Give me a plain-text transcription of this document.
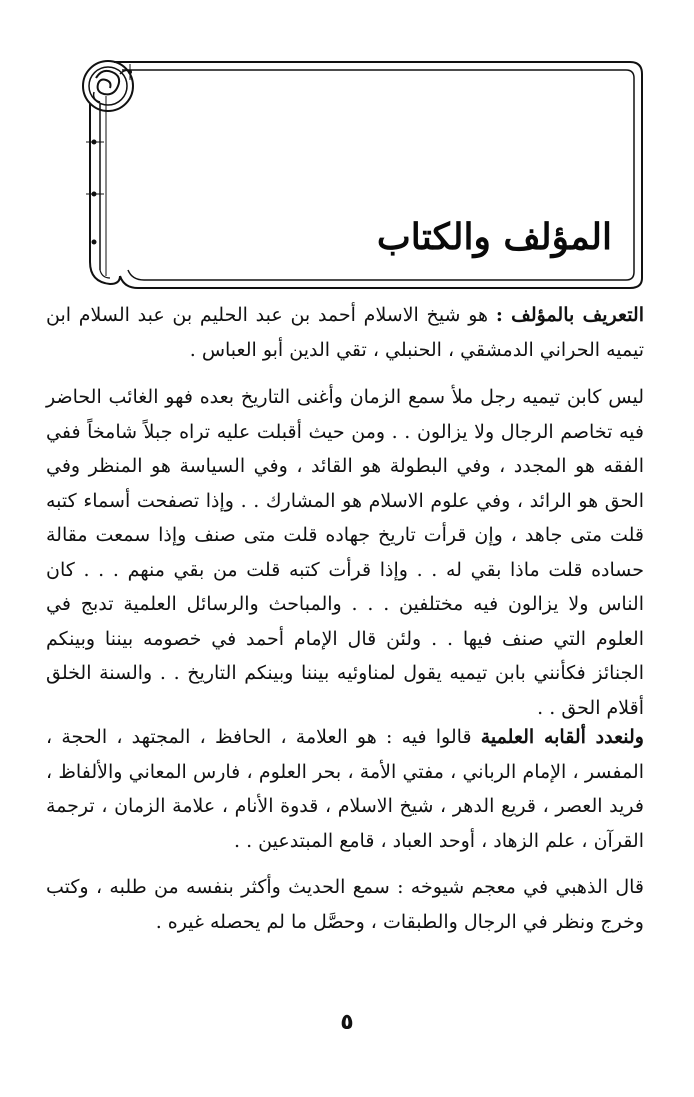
المؤلف والكتاب

التعريف بالمؤلف : هو شيخ الاسلام أحمد بن عبد الحليم بن عبد السلام ابن تيميه الحراني الدمشقي ، الحنبلي ، تقي الدين أبو العباس .

ليس كابن تيميه رجل ملأ سمع الزمان وأغنى التاريخ بعده فهو الغائب الحاضر فيه تخاصم الرجال ولا يزالون . . ومن حيث أقبلت عليه تراه جبلاً شامخاً ففي الفقه هو المجدد ، وفي البطولة هو القائد ، وفي السياسة هو المنظر وفي الحق هو الرائد ، وفي علوم الاسلام هو المشارك . . وإذا تصفحت أسماء كتبه قلت متى جاهد ، وإن قرأت تاريخ جهاده قلت متى صنف وإذا سمعت مقالة حساده قلت ماذا بقي له . . وإذا قرأت كتبه قلت من بقي منهم . . . كان الناس ولا يزالون فيه مختلفين . . . والمباحث والرسائل العلمية تدبج في العلوم التي صنف فيها . . ولئن قال الإمام أحمد في خصومه بيننا وبينكم الجنائز فكأنني بابن تيميه يقول لمناوئيه بيننا وبينكم التاريخ . . والسنة الخلق أقلام الحق . .

ولنعدد ألقابه العلمية قالوا فيه : هو العلامة ، الحافظ ، المجتهد ، الحجة ، المفسر ، الإمام الرباني ، مفتي الأمة ، بحر العلوم ، فارس المعاني والألفاظ ، فريد العصر ، قريع الدهر ، شيخ الاسلام ، قدوة الأنام ، علامة الزمان ، ترجمة القرآن ، علم الزهاد ، أوحد العباد ، قامع المبتدعين . .

قال الذهبي في معجم شيوخه : سمع الحديث وأكثر بنفسه من طلبه ، وكتب وخرج ونظر في الرجال والطبقات ، وحصَّل ما لم يحصله غيره .

٥
